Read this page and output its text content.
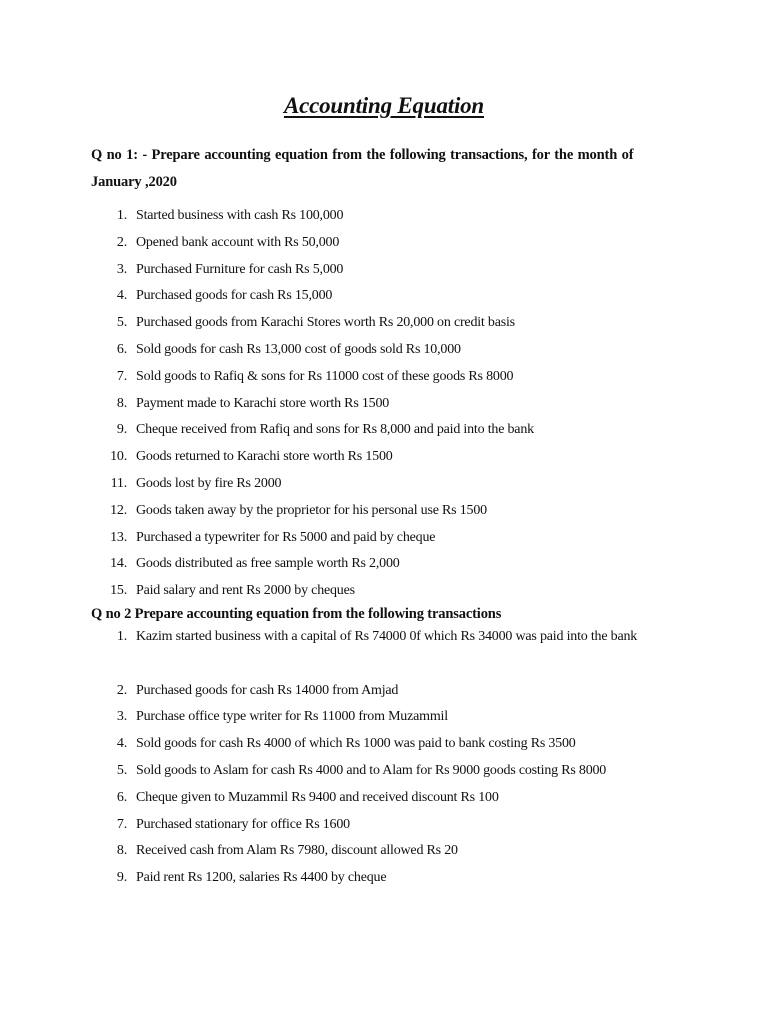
Accounting Equation
Q no 1: - Prepare accounting equation from the following transactions, for the month of
January ,2020
1. Started business with cash Rs 100,000
2. Opened bank account with Rs 50,000
3. Purchased Furniture for cash Rs 5,000
4. Purchased goods for cash Rs 15,000
5. Purchased goods from Karachi Stores worth Rs 20,000 on credit basis
6. Sold goods for cash Rs 13,000 cost of goods sold Rs 10,000
7. Sold goods to Rafiq & sons for Rs 11000 cost of these goods Rs 8000
8. Payment made to Karachi store worth Rs 1500
9. Cheque received from Rafiq and sons for Rs 8,000 and paid into the bank
10. Goods returned to Karachi store worth Rs 1500
11. Goods lost by fire Rs 2000
12. Goods taken away by the proprietor for his personal use Rs 1500
13. Purchased a typewriter for Rs 5000 and paid by cheque
14. Goods distributed as free sample worth Rs 2,000
15. Paid salary and rent Rs 2000 by cheques
Q no 2 Prepare accounting equation from the following transactions
1. Kazim started business with a capital of Rs 74000 0f which Rs 34000 was paid into the bank
2. Purchased goods for cash Rs 14000 from Amjad
3. Purchase office type writer for Rs 11000 from Muzammil
4. Sold goods for cash Rs 4000 of which Rs 1000 was paid to bank costing Rs 3500
5. Sold goods to Aslam for cash Rs 4000 and to Alam for Rs 9000 goods costing Rs 8000
6. Cheque given to Muzammil Rs 9400 and received discount Rs 100
7. Purchased stationary for office Rs 1600
8. Received cash from Alam Rs 7980, discount allowed Rs 20
9. Paid rent Rs 1200, salaries Rs 4400 by cheque
